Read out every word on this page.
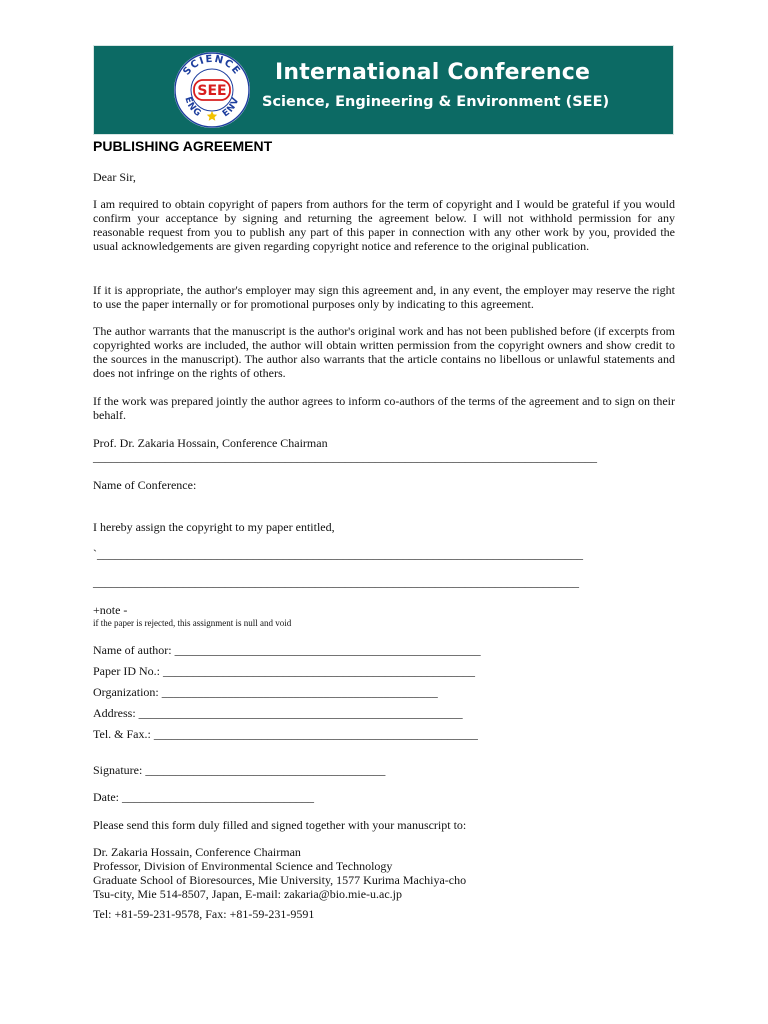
SCIENCE
ENG ENV
SEE
International Conference
Science, Engineering & Environment (SEE)
PUBLISHING AGREEMENT
Dear Sir,
I am required to obtain copyright of papers from authors for the term of copyright and I would be grateful if you would confirm your acceptance by signing and returning the agreement below. I will not withhold permission for any reasonable request from you to publish any part of this paper in connection with any other work by you, provided the usual acknowledgements are given regarding copyright notice and reference to the original publication.
If it is appropriate, the author's employer may sign this agreement and, in any event, the employer may reserve the right to use the paper internally or for promotional purposes only by indicating to this agreement.
The author warrants that the manuscript is the author's original work and has not been published before (if excerpts from copyrighted works are included, the author will obtain written permission from the copyright owners and show credit to the sources in the manuscript). The author also warrants that the article contains no libellous or unlawful statements and does not infringe on the rights of others.
If the work was prepared jointly the author agrees to inform co-authors of the terms of the agreement and to sign on their behalf.
Prof. Dr. Zakaria Hossain, Conference Chairman
____________________________________________________________________________________
Name of Conference:
I hereby assign the copyright to my paper entitled,
`_________________________________________________________________________________
_________________________________________________________________________________
+note -
if the paper is rejected, this assignment is null and void
Name of author: ___________________________________________________
Paper ID No.: ____________________________________________________
Organization: ______________________________________________
Address: ______________________________________________________
Tel. & Fax.: ______________________________________________________
Signature: ________________________________________
Date: ________________________________
Please send this form duly filled and signed together with your manuscript to:
Dr. Zakaria Hossain, Conference Chairman
Professor, Division of Environmental Science and Technology
Graduate School of Bioresources, Mie University, 1577 Kurima Machiya-cho
Tsu-city, Mie 514-8507, Japan, E-mail: zakaria@bio.mie-u.ac.jp
Tel: +81-59-231-9578, Fax: +81-59-231-9591
